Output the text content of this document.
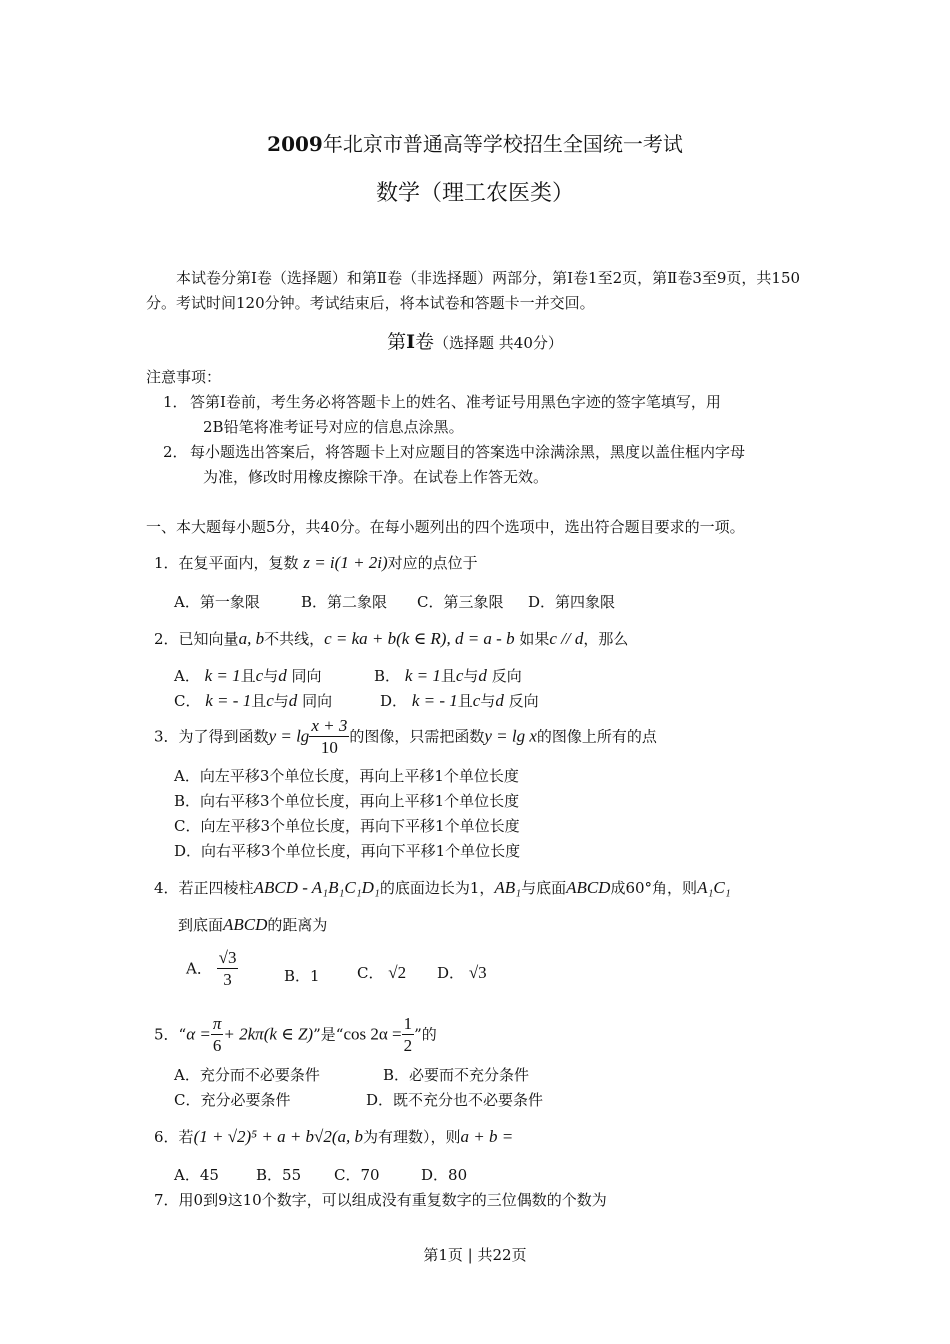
2009年北京市普通高等学校招生全国统一考试
数学（理工农医类）
本试卷分第Ⅰ卷（选择题）和第Ⅱ卷（非选择题）两部分，第Ⅰ卷1至2页，第Ⅱ卷3至9页，共150分。考试时间120分钟。考试结束后，将本试卷和答题卡一并交回。
第Ⅰ卷（选择题 共40分）
注意事项：
1． 答第Ⅰ卷前，考生务必将答题卡上的姓名、准考证号用黑色字迹的签字笔填写，用
2B铅笔将准考证号对应的信息点涂黑。
2． 每小题选出答案后，将答题卡上对应题目的答案选中涂满涂黑，黑度以盖住框内字母
为准，修改时用橡皮擦除干净。在试卷上作答无效。
一、本大题每小题5分，共40分。在每小题列出的四个选项中，选出符合题目要求的一项。
1．在复平面内，复数 z = i(1 + 2i)对应的点位于
A．第一象限	B．第二象限 C．第三象限 D．第四象限
2．已知向量a, b不共线，c = ka + b(k ∈ R), d = a - b 如果c // d，那么
A． k = 1且c与d 同向	B． k = 1且c与d 反向
C． k = - 1且c与d 同向	D． k = - 1且c与d 反向
3．为了得到函数$y = \lg \frac{x + 3}{10}$ 的图像，只需把函数y = lg x的图像上所有的点
A．向左平移3个单位长度，再向上平移1个单位长度
B．向右平移3个单位长度，再向上平移1个单位长度
C．向左平移3个单位长度，再向下平移1个单位长度
D．向右平移3个单位长度，再向下平移1个单位长度
4．若正四棱柱ABCD - A₁B₁C₁D₁的底面边长为1，AB₁与底面ABCD成60°角，则A₁C₁
到底面ABCD的距离为
A． $\frac{√3}{3}$	B．1 C． √2 D． √3
5．“$\alpha = \frac{\pi}{6} + 2k\pi(k$ ∈ Z)”是“cos $2\alpha = \frac{1}{2}$ ”的
A．充分而不必要条件	B．必要而不充分条件
C．充分必要条件	D．既不充分也不必要条件
6．若(1 + √2)⁵ + a + b√2(a, b为有理数），则a + b =
A．45 B．55 C．70	D．80
7．用0到9这10个数字，可以组成没有重复数字的三位偶数的个数为
第1页 | 共22页
